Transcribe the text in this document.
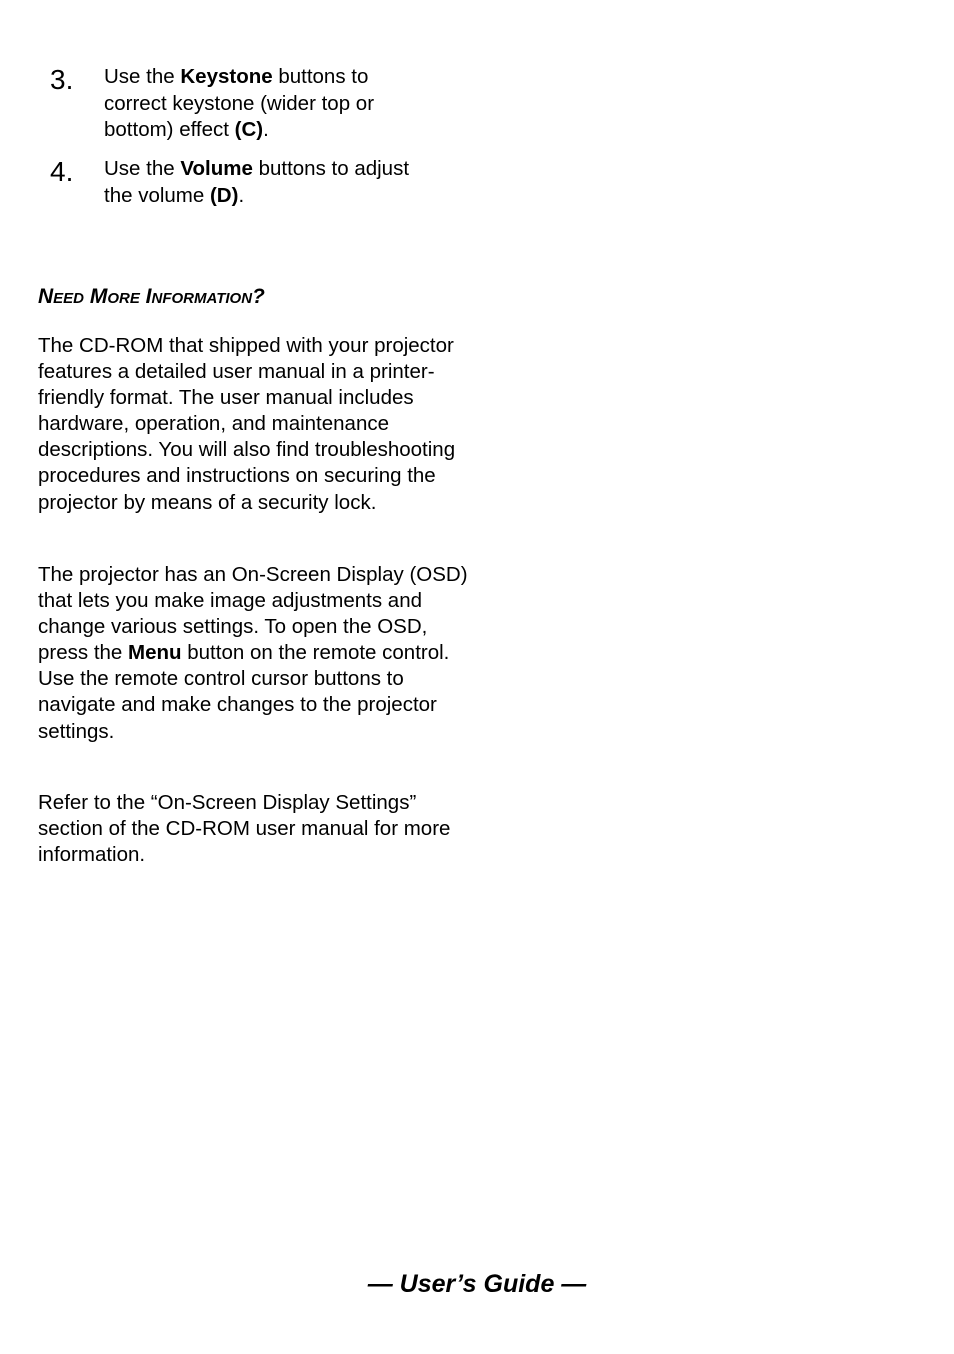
3. Use the Keystone buttons to correct keystone (wider top or bottom) effect (C).
4. Use the Volume buttons to adjust the volume (D).
Need More Information?

The CD-ROM that shipped with your projector features a detailed user manual in a printer-friendly format. The user manual includes hardware, operation, and maintenance descriptions. You will also find troubleshooting procedures and instructions on securing the projector by means of a security lock.

The projector has an On-Screen Display (OSD) that lets you make image adjustments and change various settings. To open the OSD, press the Menu button on the remote control. Use the remote control cursor buttons to navigate and make changes to the projector settings.

Refer to the “On-Screen Display Settings” section of the CD-ROM user manual for more information.

— User’s Guide —
